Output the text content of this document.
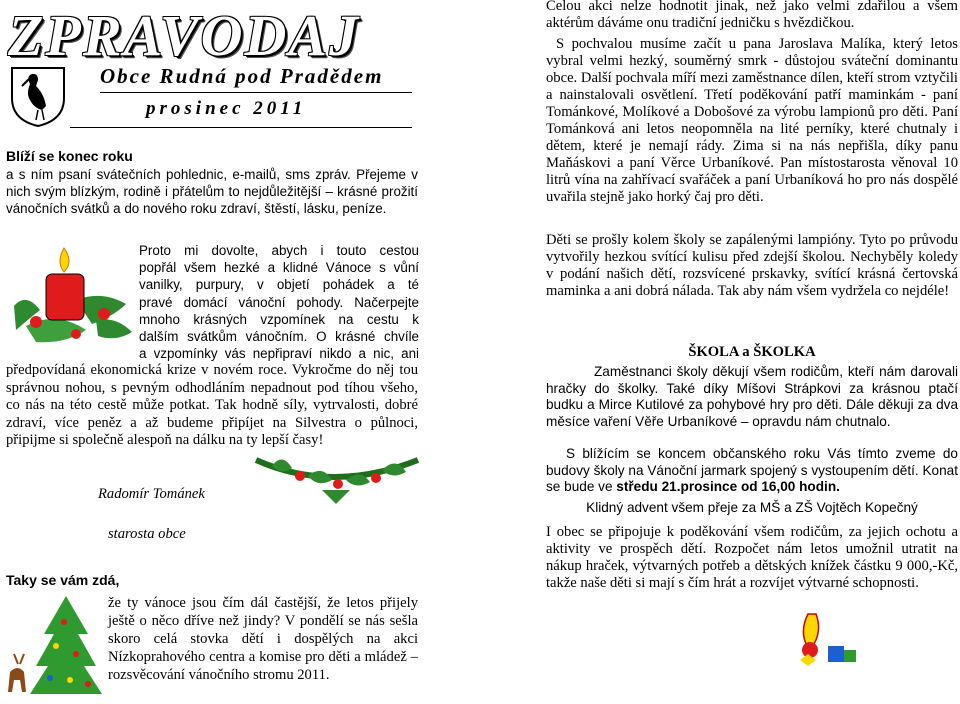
ZPRAVODAJ
Obce Rudná pod Pradědem
prosinec 2011
Blíží se konec roku
a s ním psaní svátečních pohlednic, e-mailů, sms zpráv. Přejeme v nich svým blízkým, rodině i přátelům to nejdůležitější – krásné prožití vánočních svátků a do nového roku zdraví, štěstí, lásku, peníze.
Proto mi dovolte, abych i touto cestou
popřál všem hezké a klidné Vánoce s vůní
vanilky, purpury, v objetí pohádek a té
pravé domácí vánoční pohody. Načerpejte
mnoho krásných vzpomínek na cestu k
dalším svátkům vánočním. O krásné chvíle
a vzpomínky vás nepřipraví nikdo a nic, ani
předpovídaná ekonomická krize v novém roce. Vykročme do něj tou správnou nohou, s pevným odhodláním nepadnout pod tíhou všeho, co nás na této cestě může potkat. Tak hodně síly, vytrvalosti, dobré zdraví, více peněz a až budeme připíjet na Silvestra o půlnoci, připijme si společně alespoň na dálku na ty lepší časy!
Radomír Tománek
starosta obce
Taky se vám zdá,
že ty vánoce jsou čím dál častější, že letos přijely ještě o něco dříve než jindy? V pondělí se nás sešla skoro celá stovka dětí i dospělých na akci Nízkoprahového centra a komise pro děti a mládež – rozsvěcování vánočního stromu 2011.
Celou akci nelze hodnotit jinak, než jako velmi zdařilou a všem aktérům dáváme onu tradiční jedničku s hvězdičkou.
S pochvalou musíme začít u pana Jaroslava Malíka, který letos vybral velmi hezký, souměrný smrk - důstojou sváteční dominantu obce. Další pochvala míří mezi zaměstnance dílen, kteří strom vztyčili a nainstalovali osvětlení. Třetí poděkování patří maminkám - paní Tománkové, Molíkové a Dobošové za výrobu lampionů pro děti. Paní Tománková ani letos neopomněla na lité perníky, které chutnaly i dětem, které je nemají rády. Zima si na nás nepřišla, díky panu Maňáskovi a paní Věrce Urbaníkové. Pan místostarosta věnoval 10 litrů vína na zahřívací svařáček a paní Urbaníková ho pro nás dospělé uvařila stejně jako horký čaj pro děti.
Děti se prošly kolem školy se zapálenými lampióny. Tyto po průvodu vytvořily hezkou svítící kulisu před zdejší školou. Nechyběly koledy v podání našich dětí, rozsvícené prskavky, svítící krásná čertovská maminka a ani dobrá nálada. Tak aby nám všem vydržela co nejdéle!
ŠKOLA a ŠKOLKA
Zaměstnanci školy děkují všem rodičům, kteří nám darovali hračky do školky. Také díky Míšovi Strápkovi za krásnou ptačí budku a Mirce Kutilové za pohybové hry pro děti. Dále děkuji za dva měsíce vaření Věře Urbaníkové – opravdu nám chutnalo.
S blížícím se koncem občanského roku Vás tímto zveme do budovy školy na Vánoční jarmark spojený s vystoupením dětí. Konat se bude ve středu 21.prosince od 16,00 hodin.
Klidný advent všem přeje za MŠ a ZŠ Vojtěch Kopečný
I obec se připojuje k poděkování všem rodičům, za jejich ochotu a aktivity ve prospěch dětí. Rozpočet nám letos umožnil utratit na nákup hraček, výtvarných potřeb a dětských knížek částku 9 000,-Kč, takže naše děti si mají s čím hrát a rozvíjet výtvarné schopnosti.
